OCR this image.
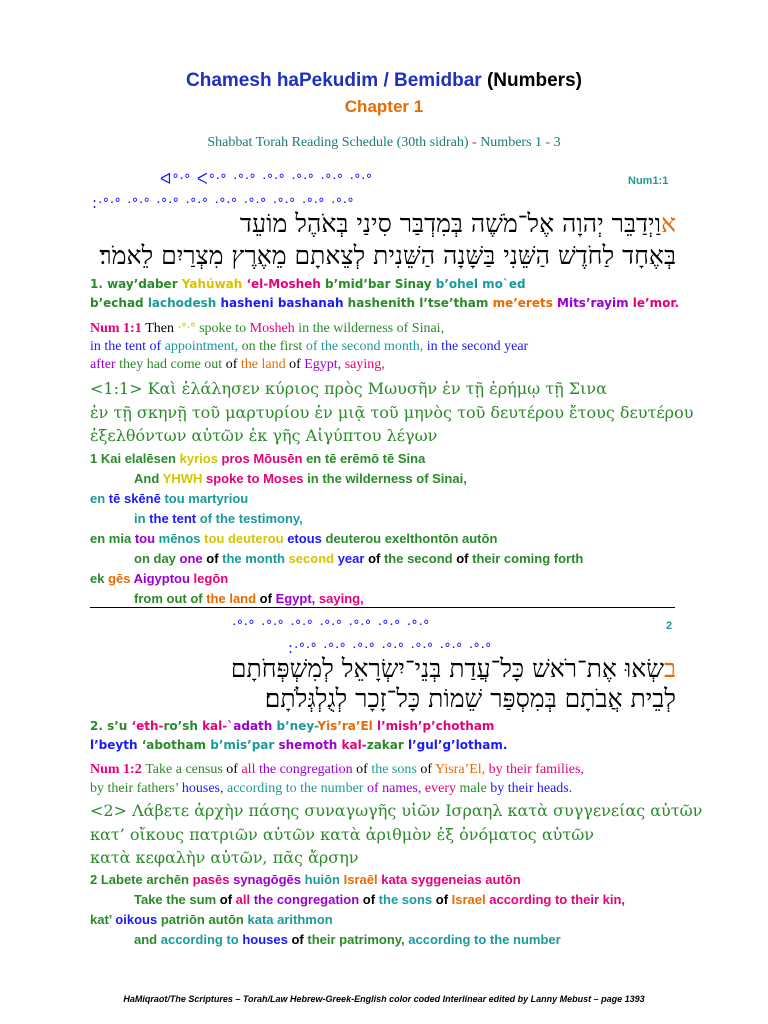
Chamesh haPekudim / Bemidbar (Numbers)
Chapter 1
Shabbat Torah Reading Schedule (30th sidrah) - Numbers 1 - 3
ᐊᐤᐧᐤ ᐸᐤᐧᐤ ᐧᐤᐧᐤ ᐧᐤᐧᐤ ᐧᐤᐧᐤ ᐧᐤᐧᐤ ᐧᐤᐧᐤ	Num1:1
:ᐧᐤᐧᐤ ᐧᐤᐧᐤ ᐧᐤᐧᐤ ᐧᐤᐧᐤ ᐧᐤᐧᐤ ᐧᐤᐧᐤ ᐧᐤᐧᐤ ᐧᐤᐧᐤ ᐧᐤᐧᐤ
אוַיְדַבֵּר יְהוָה אֶל־מֹשֶׁה בְּמִדְבַּר סִינַי בְּאֹהֶל מוֹעֵד
בְּאֶחָד לַחֹדֶשׁ הַשֵּׁנִי בַּשָּׁנָה הַשֵּׁנִית לְצֵאתָם מֵאֶרֶץ מִצְרַיִם לֵאמֹר׃
1. way’daber Yahúwah ‘el-Mosheh b’mid’bar Sinay b’ohel mo`ed
b’echad lachodesh hasheni bashanah hashenith l’tse’tham me’erets Mits’rayim le’mor.
Num 1:1 Then ᐧᐤᐧᐤ spoke to Mosheh in the wilderness of Sinai,
in the tent of appointment, on the first of the second month, in the second year
after they had come out of the land of Egypt, saying,
<1:1> Καὶ ἐλάλησεν κύριος πρὸς Μωυσῆν ἐν τῇ ἐρήμῳ τῇ Σινα
ἐν τῇ σκηνῇ τοῦ μαρτυρίου ἐν μιᾷ τοῦ μηνὸς τοῦ δευτέρου ἔτους δευτέρου
ἐξελθόντων αὐτῶν ἐκ γῆς Αἰγύπτου λέγων
1 Kai elalēsen kyrios pros Mōusēn en tē erēmō tē Sina
And YHWH spoke to Moses in the wilderness of Sinai,
en tē skēnē tou martyriou
in the tent of the testimony,
en mia tou mēnos tou deuterou etous deuterou exelthontōn autōn
on day one of the month second year of the second of their coming forth
ek gēs Aigyptou legōn
from out of the land of Egypt, saying,
ᐧᐤᐧᐤ ᐧᐤᐧᐤ ᐧᐤᐧᐤ ᐧᐤᐧᐤ ᐧᐤᐧᐤ ᐧᐤᐧᐤ ᐧᐤᐧᐤ	2
:ᐧᐤᐧᐤ ᐧᐤᐧᐤ ᐧᐤᐧᐤ ᐧᐤᐧᐤ ᐧᐤᐧᐤ ᐧᐤᐧᐤ ᐧᐤᐧᐤ
בשְׂאוּ אֶת־רֹאשׁ כָּל־עֲדַת בְּנֵי־יִשְׂרָאֵל לְמִשְׁפְּחֹתָם
לְבֵית אֲבֹתָם בְּמִסְפַּר שֵׁמוֹת כָּל־זָכָר לְגֻלְגְּלֹתָם׃
2. s’u ‘eth-ro’sh kal-`adath b’ney-Yis’ra’El l’mish’p’chotham
l’beyth ‘abotham b’mis’par shemoth kal-zakar l’gul’g’lotham.
Num 1:2 Take a census of all the congregation of the sons of Yisra’El, by their families,
by their fathers’ houses, according to the number of names, every male by their heads.
<2> Λάβετε ἀρχὴν πάσης συναγωγῆς υἱῶν Ισραηλ κατὰ συγγενείας αὐτῶν
κατ’ οἴκους πατριῶν αὐτῶν κατὰ ἀριθμὸν ἐξ ὀνόματος αὐτῶν
κατὰ κεφαλὴν αὐτῶν, πᾶς ἄρσην
2 Labete archēn pasēs synagōgēs huiōn Israēl kata syggeneias autōn
Take the sum of all the congregation of the sons of Israel according to their kin,
kat’ oikous patriōn autōn kata arithmon
and according to houses of their patrimony, according to the number
HaMiqraot/The Scriptures – Torah/Law Hebrew-Greek-English color coded Interlinear edited by Lanny Mebust – page 1393
